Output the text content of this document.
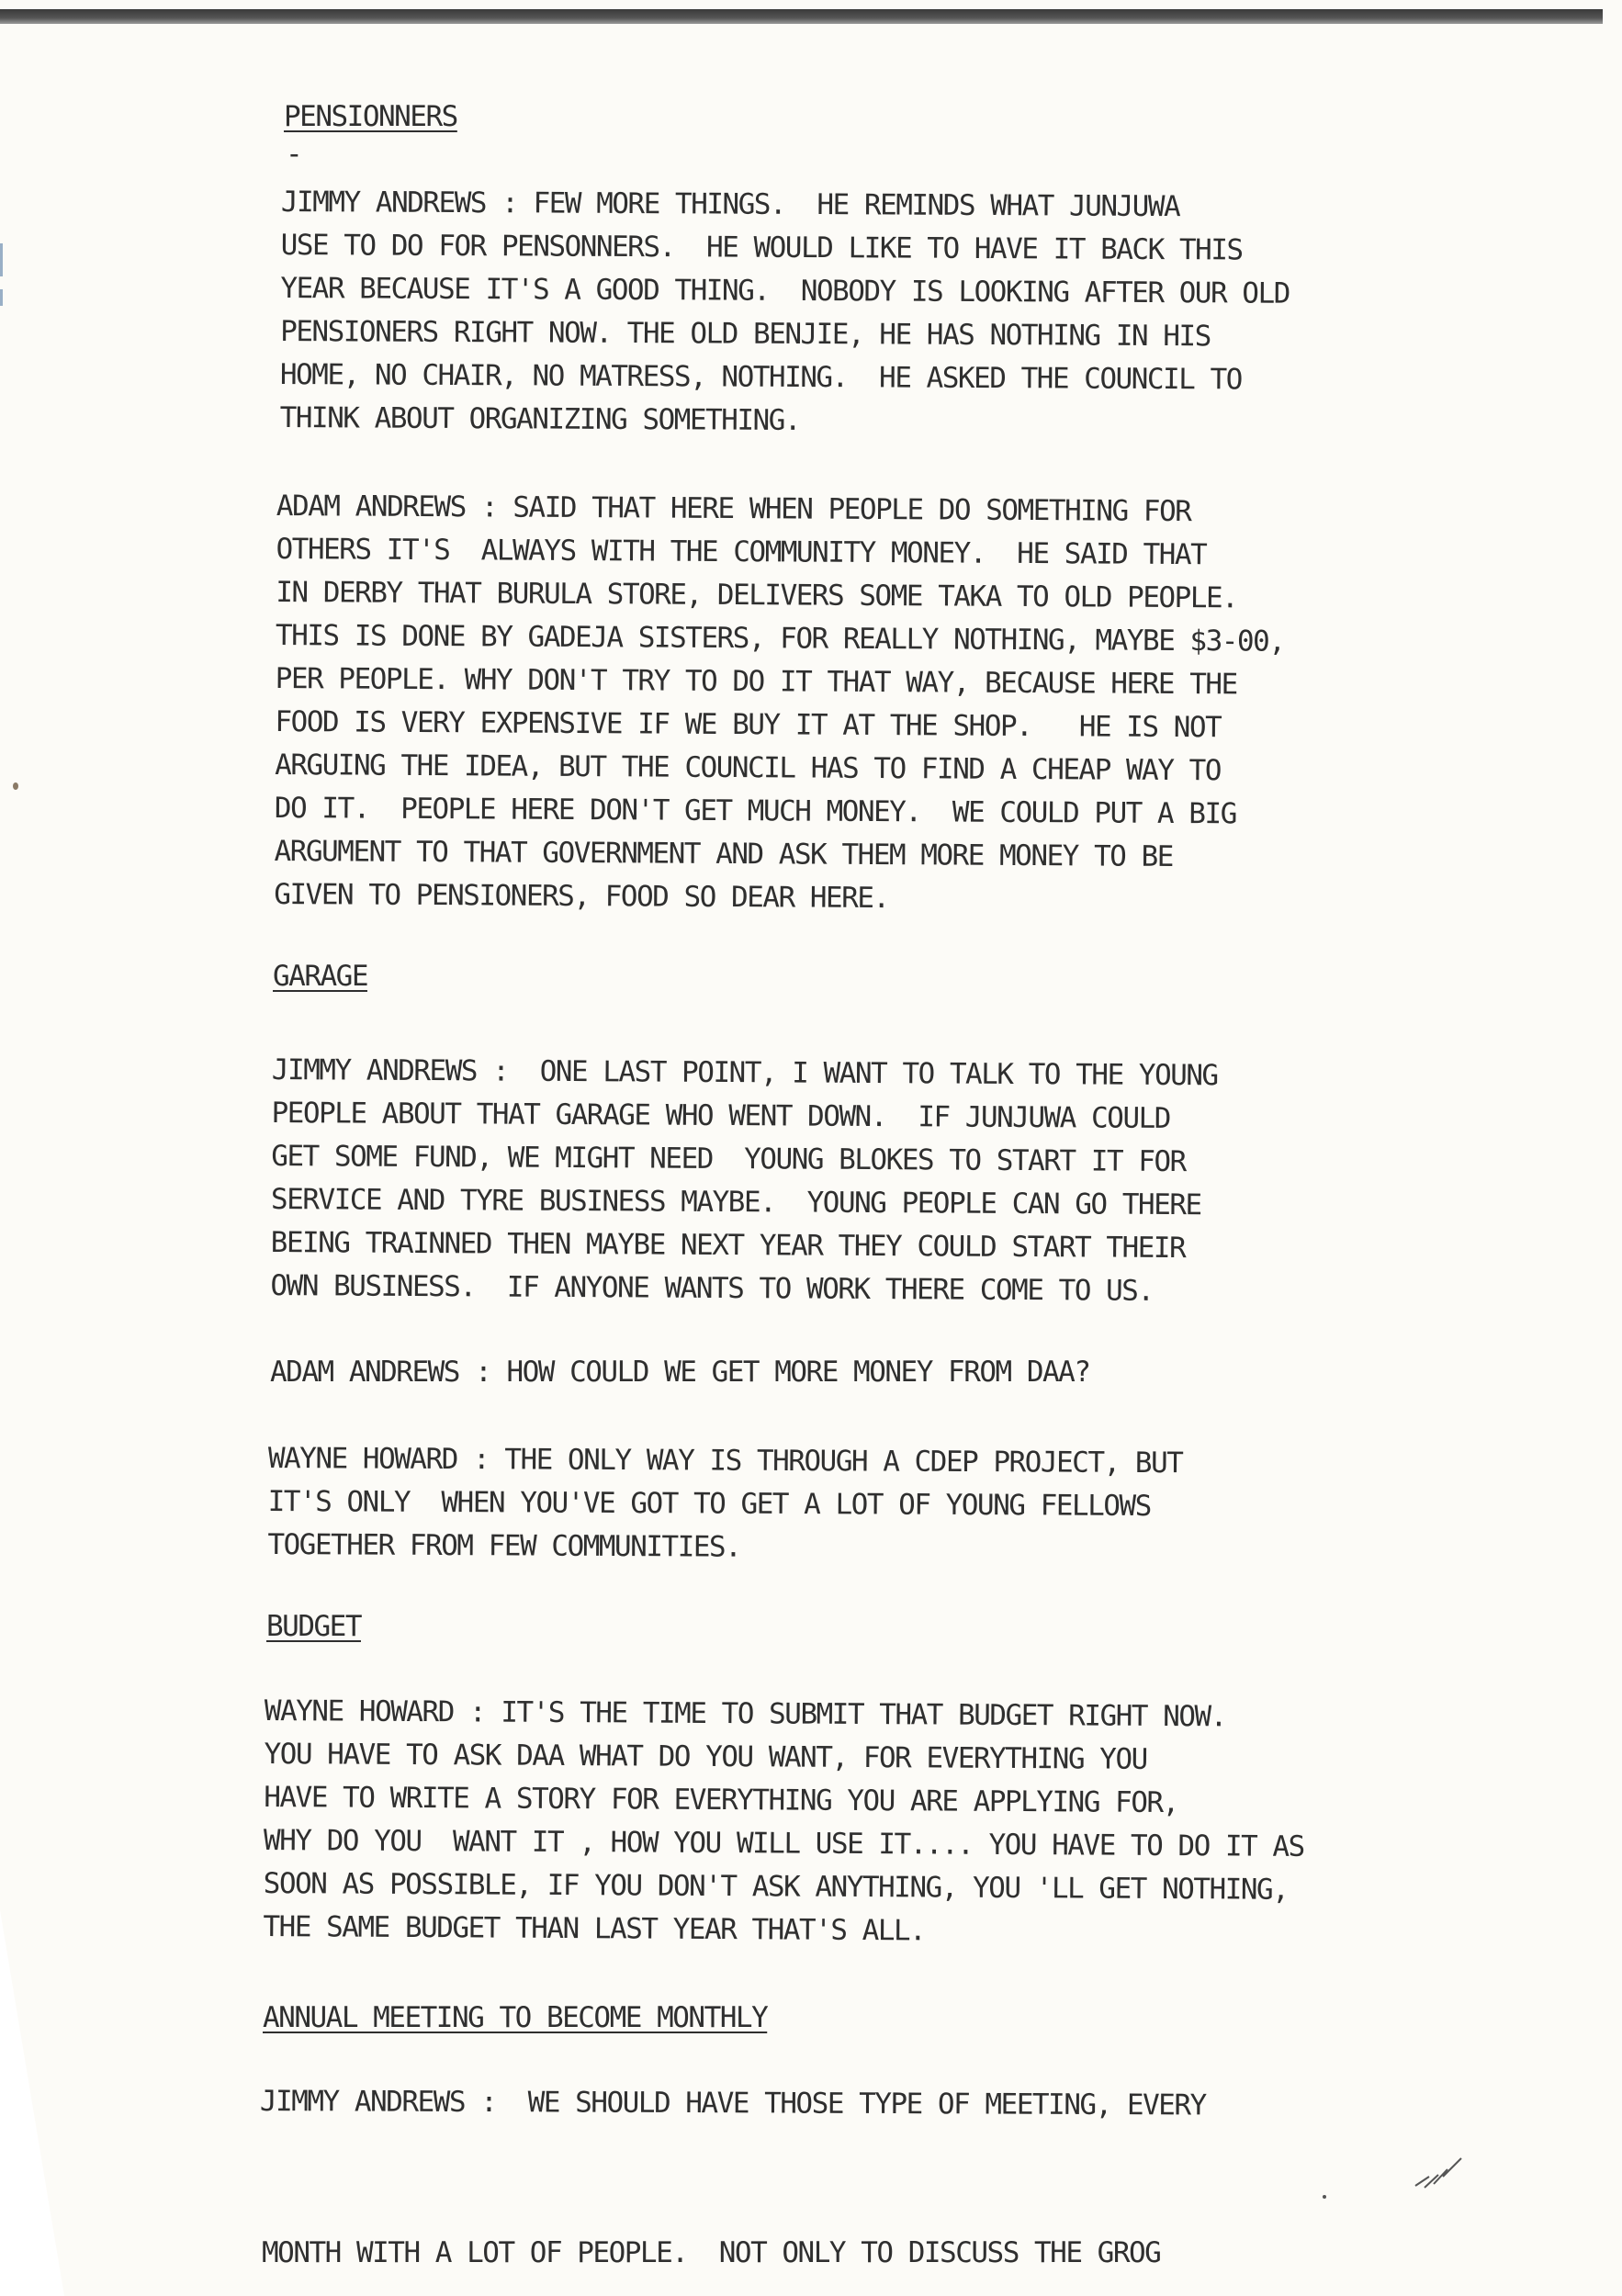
PENSIONNERS
-
JIMMY ANDREWS : FEW MORE THINGS.  HE REMINDS WHAT JUNJUWA
USE TO DO FOR PENSONNERS.  HE WOULD LIKE TO HAVE IT BACK THIS
YEAR BECAUSE IT'S A GOOD THING.  NOBODY IS LOOKING AFTER OUR OLD
PENSIONERS RIGHT NOW. THE OLD BENJIE, HE HAS NOTHING IN HIS
HOME, NO CHAIR, NO MATRESS, NOTHING.  HE ASKED THE COUNCIL TO
THINK ABOUT ORGANIZING SOMETHING.
ADAM ANDREWS : SAID THAT HERE WHEN PEOPLE DO SOMETHING FOR
OTHERS IT'S  ALWAYS WITH THE COMMUNITY MONEY.  HE SAID THAT
IN DERBY THAT BURULA STORE, DELIVERS SOME TAKA TO OLD PEOPLE.
THIS IS DONE BY GADEJA SISTERS, FOR REALLY NOTHING, MAYBE $3-00,
PER PEOPLE. WHY DON'T TRY TO DO IT THAT WAY, BECAUSE HERE THE
FOOD IS VERY EXPENSIVE IF WE BUY IT AT THE SHOP.   HE IS NOT
ARGUING THE IDEA, BUT THE COUNCIL HAS TO FIND A CHEAP WAY TO
DO IT.  PEOPLE HERE DON'T GET MUCH MONEY.  WE COULD PUT A BIG
ARGUMENT TO THAT GOVERNMENT AND ASK THEM MORE MONEY TO BE
GIVEN TO PENSIONERS, FOOD SO DEAR HERE.
GARAGE
JIMMY ANDREWS :  ONE LAST POINT, I WANT TO TALK TO THE YOUNG
PEOPLE ABOUT THAT GARAGE WHO WENT DOWN.  IF JUNJUWA COULD
GET SOME FUND, WE MIGHT NEED  YOUNG BLOKES TO START IT FOR
SERVICE AND TYRE BUSINESS MAYBE.  YOUNG PEOPLE CAN GO THERE
BEING TRAINNED THEN MAYBE NEXT YEAR THEY COULD START THEIR
OWN BUSINESS.  IF ANYONE WANTS TO WORK THERE COME TO US.
ADAM ANDREWS : HOW COULD WE GET MORE MONEY FROM DAA?
WAYNE HOWARD : THE ONLY WAY IS THROUGH A CDEP PROJECT, BUT
IT'S ONLY  WHEN YOU'VE GOT TO GET A LOT OF YOUNG FELLOWS
TOGETHER FROM FEW COMMUNITIES.
BUDGET
WAYNE HOWARD : IT'S THE TIME TO SUBMIT THAT BUDGET RIGHT NOW.
YOU HAVE TO ASK DAA WHAT DO YOU WANT, FOR EVERYTHING YOU
HAVE TO WRITE A STORY FOR EVERYTHING YOU ARE APPLYING FOR,
WHY DO YOU  WANT IT , HOW YOU WILL USE IT.... YOU HAVE TO DO IT AS
SOON AS POSSIBLE, IF YOU DON'T ASK ANYTHING, YOU 'LL GET NOTHING,
THE SAME BUDGET THAN LAST YEAR THAT'S ALL.
ANNUAL MEETING TO BECOME MONTHLY
JIMMY ANDREWS :  WE SHOULD HAVE THOSE TYPE OF MEETING, EVERY
MONTH WITH A LOT OF PEOPLE.  NOT ONLY TO DISCUSS THE GROG
